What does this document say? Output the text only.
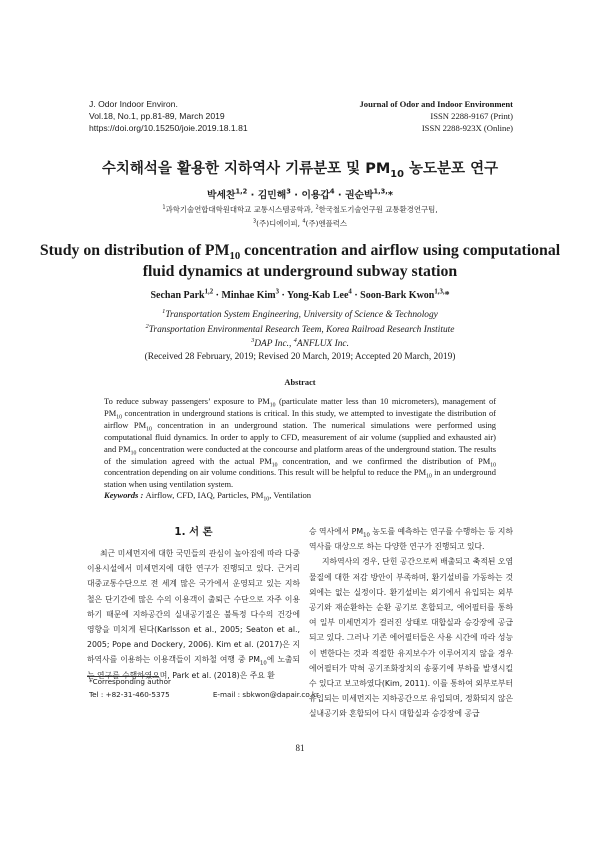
J. Odor Indoor Environ.
Vol.18, No.1, pp.81-89, March 2019
https://doi.org/10.15250/joie.2019.18.1.81
Journal of Odor and Indoor Environment
ISSN 2288-9167 (Print)
ISSN 2288-923X (Online)
수치해석을 활용한 지하역사 기류분포 및 $PM_{10}$ 농도분포 연구
박세찬$^{1,2}$ · 김민해$^3$ · 이용갑$^4$ · 권순박$^{1,3,}$*
$^1$과학기술연합대학원대학교 교통시스템공학과, $^2$한국철도기술연구원 교통환경연구팀,
$^3$(주)디에이피, $^4$(주)엔플럭스
Study on distribution of $PM_{10}$ concentration and airflow using computational
fluid dynamics at underground subway station
Sechan Park$^{1,2}$ · Minhae Kim$^3$ · Yong-Kab Lee$^4$ · Soon-Bark Kwon$^{1,3,}$*
$^1$Transportation System Engineering, University of Science & Technology
$^2$Transportation Environmental Research Teem, Korea Railroad Research Institute
$^3$DAP Inc., $^4$ANFLUX Inc.
(Received 28 February, 2019; Revised 20 March, 2019; Accepted 20 March, 2019)
Abstract
To reduce subway passengers’ exposure to $PM_{10}$ (particulate matter less than 10 micrometers), management of $PM_{10}$ concentration in underground stations is critical. In this study, we attempted to investigate the distribution of airflow $PM_{10}$ concentration in an underground station. The numerical simulations were performed using computational fluid dynamics. In order to apply to CFD, measurement of air volume (supplied and exhausted air) and $PM_{10}$ concentration were conducted at the concourse and platform areas of the underground station. The results of the simulation agreed with the actual $PM_{10}$ concentration, and we confirmed the distribution of $PM_{10}$ concentration depending on air volume conditions. This result will be helpful to reduce the $PM_{10}$ in an underground station when using ventilation system.
Keywords : Airflow, CFD, IAQ, Particles, $PM_{10}$, Ventilation
1. 서 론

최근 미세먼지에 대한 국민들의 관심이 높아짐에 따라 다중이용시설에서 미세먼지에 대한 연구가 진행되고 있다. 근거리 대중교통수단으로 전 세계 많은 국가에서 운영되고 있는 지하철은 단기간에 많은 수의 이용객이 출퇴근 수단으로 자주 이용하기 때문에 지하공간의 실내공기질은 불특정 다수의 건강에 영향을 미치게 된다(Karlsson et al., 2005; Seaton et al., 2005; Pope and Dockery, 2006). Kim et al. (2017)은 지하역사를 이용하는 이용객들이 지하철 여행 중 $PM_{10}$에 노출되는 연구를 수행하였으며, Park et al. (2018)은 주요 환

승 역사에서 $PM_{10}$ 농도를 예측하는 연구를 수행하는 등 지하역사를 대상으로 하는 다양한 연구가 진행되고 있다.

지하역사의 경우, 단힌 공간으로써 배출되고 축적된 오염물질에 대한 저감 방안이 부족하며, 환기설비를 가동하는 것 외에는 없는 실정이다. 환기설비는 외기에서 유입되는 외부 공기와 재순환하는 순환 공기로 혼합되고, 에어필터를 통하여 일부 미세먼지가 걸러진 상태로 대합실과 승강장에 공급되고 있다. 그러나 기존 에어필터들은 사용 시간에 따라 성능이 변한다는 것과 적절한 유지보수가 이루어지지 않을 경우 에어필터가 막혀 공기조화장치의 송풍기에 부하를 발생시킬 수 있다고 보고하였다(Kim, 2011). 이를 통하여 외부로부터 유입되는 미세먼지는 지하공간으로 유입되며, 정화되지 않은 실내공기와 혼합되어 다시 대합실과 승강장에 공급

*Corresponding author
Tel : +82-31-460-5375	E-mail : sbkwon@dapair.co.kr
81
